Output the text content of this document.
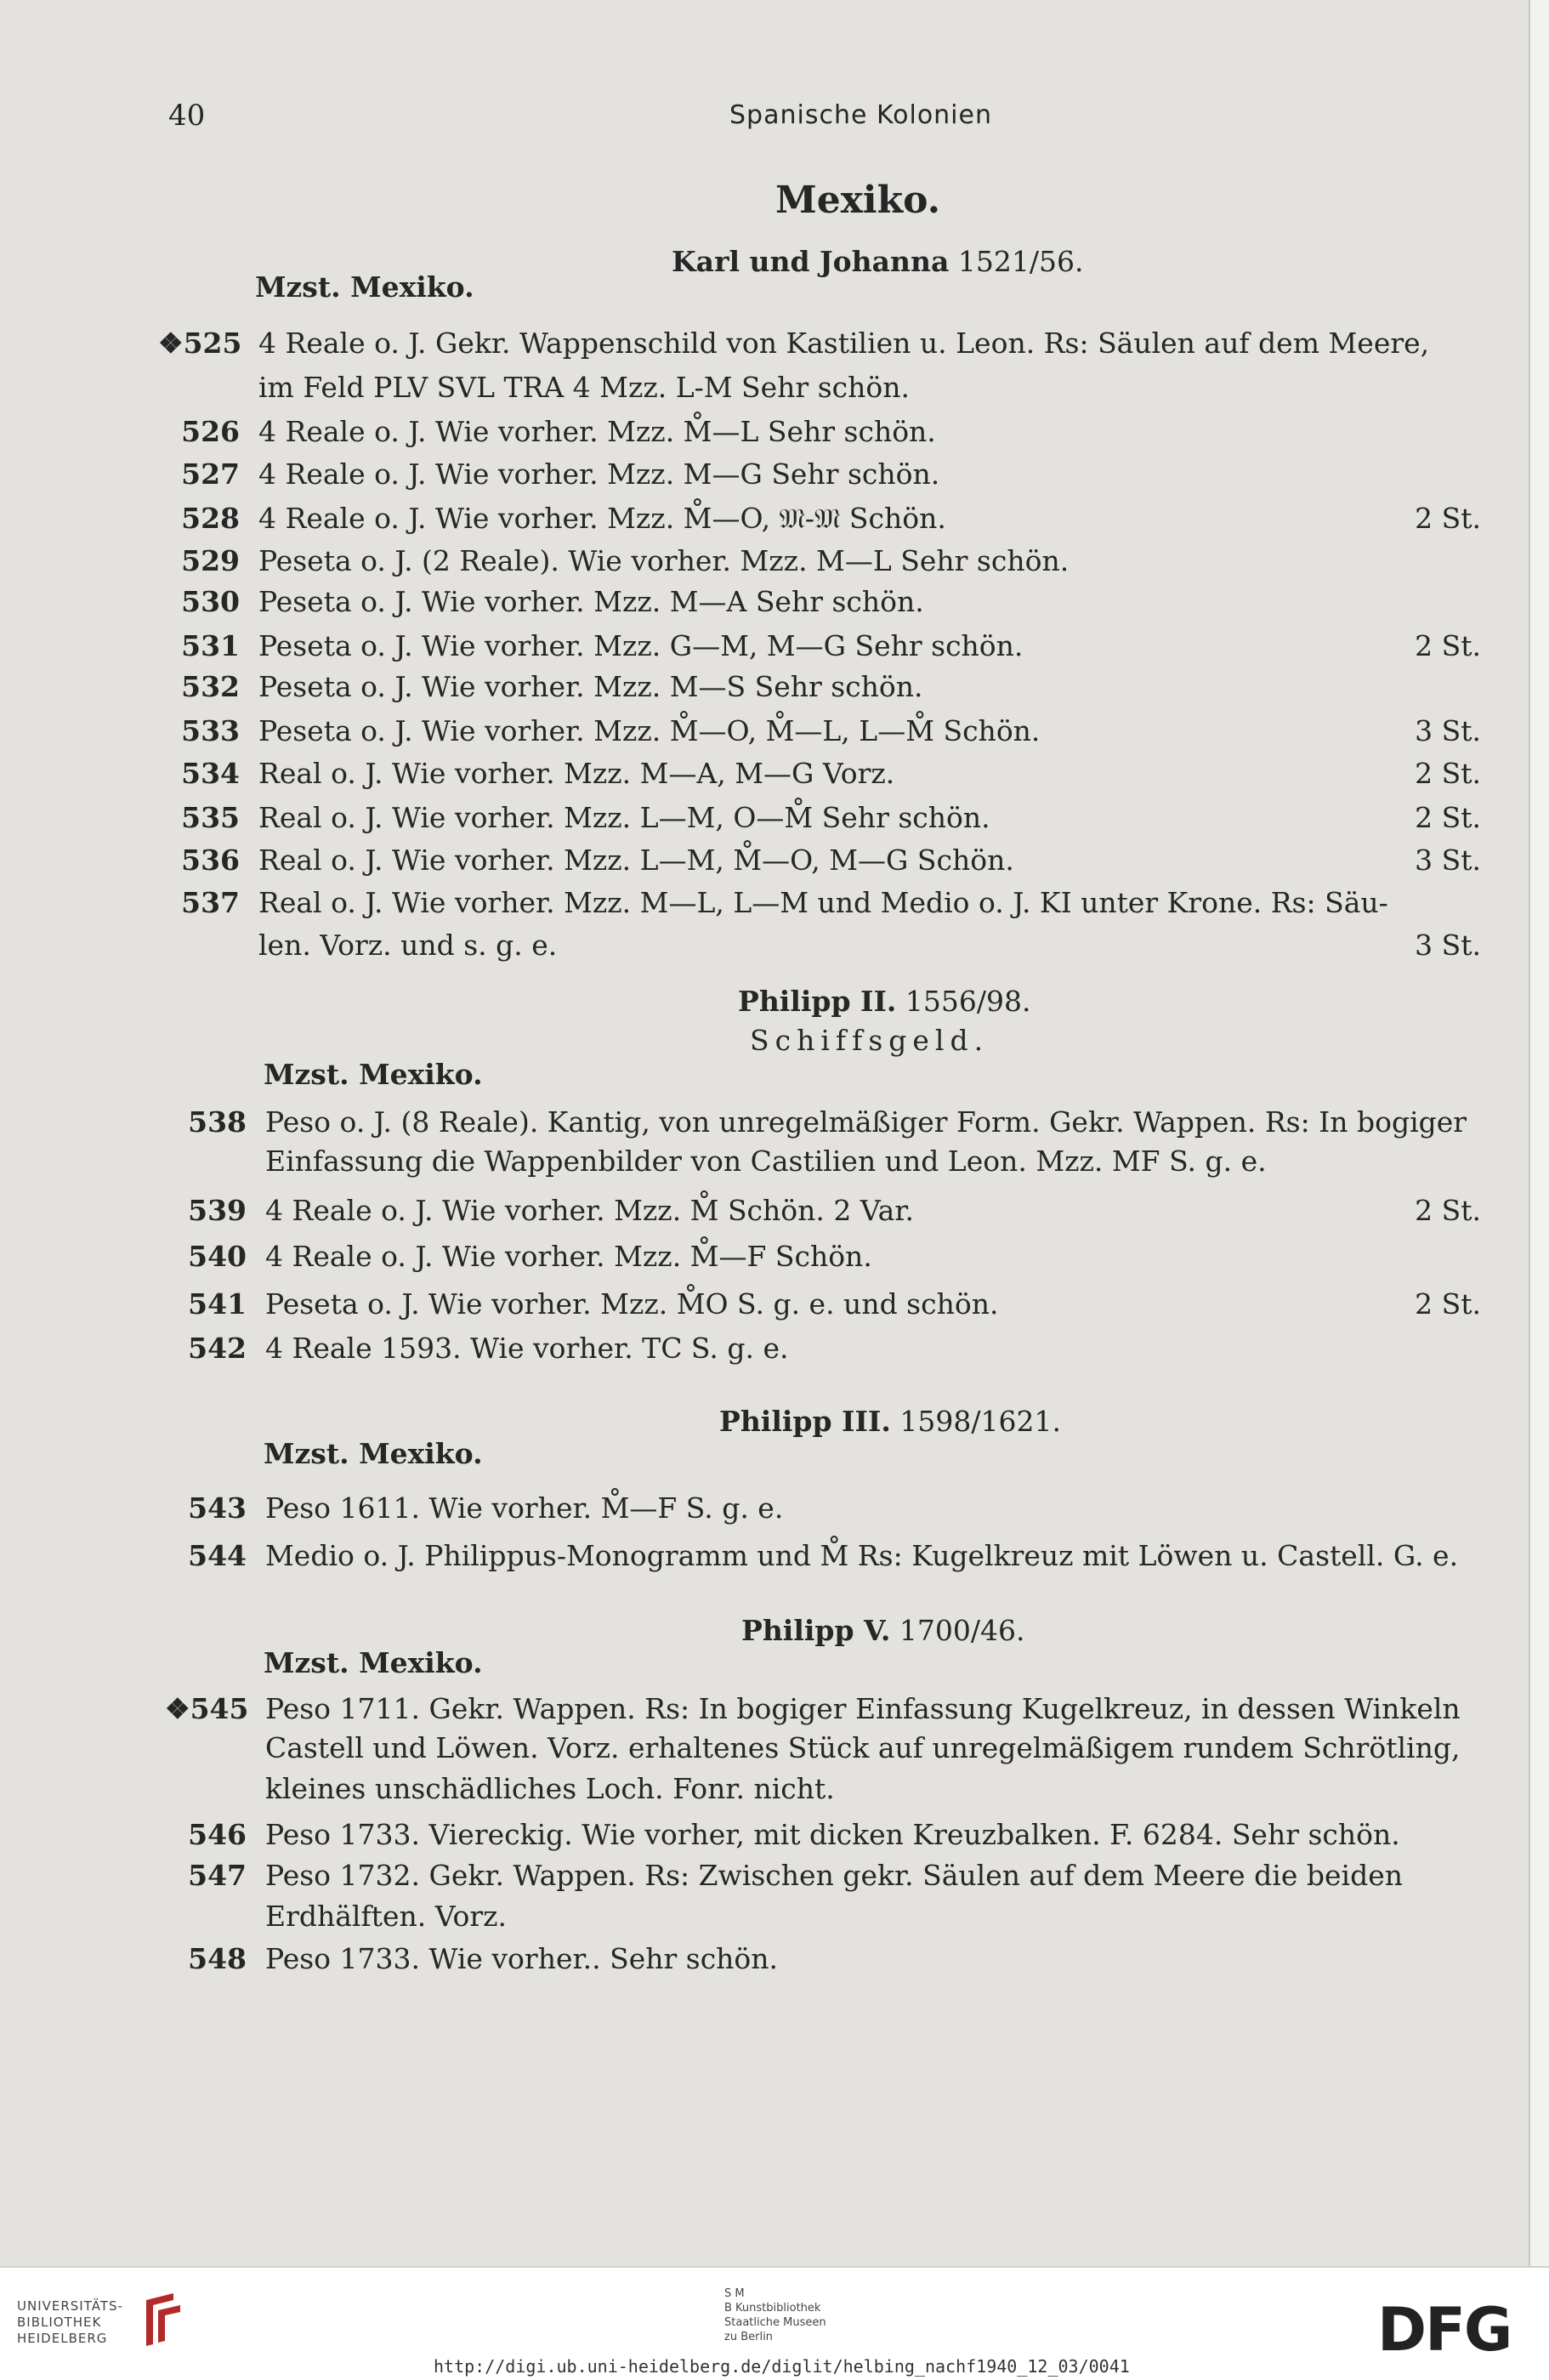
40	Spanische Kolonien
Mexiko.
Karl und Johanna 1521/56.
Mzst. Mexiko.
❖525 4 Reale o. J. Gekr. Wappenschild von Kastilien u. Leon. Rs: Säulen auf dem Meere,
im Feld PLV SVL TRA 4 Mzz. L-M Sehr schön.
526 4 Reale o. J. Wie vorher. Mzz. M̊—L Sehr schön.
527 4 Reale o. J. Wie vorher. Mzz. M—G Sehr schön.
528 4 Reale o. J. Wie vorher. Mzz. M̊—O, 𝔐-𝔐 Schön.	2 St.
529 Peseta o. J. (2 Reale). Wie vorher. Mzz. M—L Sehr schön.
530 Peseta o. J. Wie vorher. Mzz. M—A Sehr schön.
531 Peseta o. J. Wie vorher. Mzz. G—M, M—G Sehr schön.	2 St.
532 Peseta o. J. Wie vorher. Mzz. M—S Sehr schön.
533 Peseta o. J. Wie vorher. Mzz. M̊—O, M̊—L, L—M̊ Schön.	3 St.
534 Real o. J. Wie vorher. Mzz. M—A, M—G Vorz.	2 St.
535 Real o. J. Wie vorher. Mzz. L—M, O—M̊ Sehr schön.	2 St.
536 Real o. J. Wie vorher. Mzz. L—M, M̊—O, M—G Schön.	3 St.
537 Real o. J. Wie vorher. Mzz. M—L, L—M und Medio o. J. KI unter Krone. Rs: Säu-
len. Vorz. und s. g. e.	3 St.
Philipp II. 1556/98.
Schiffsgeld.
Mzst. Mexiko.
538 Peso o. J. (8 Reale). Kantig, von unregelmäßiger Form. Gekr. Wappen. Rs: In bogiger
Einfassung die Wappenbilder von Castilien und Leon. Mzz. MF S. g. e.
539 4 Reale o. J. Wie vorher. Mzz. M̊ Schön. 2 Var.	2 St.
540 4 Reale o. J. Wie vorher. Mzz. M̊—F Schön.
541 Peseta o. J. Wie vorher. Mzz. M̊O S. g. e. und schön.	2 St.
542 4 Reale 1593. Wie vorher. TC S. g. e.
Philipp III. 1598/1621.
Mzst. Mexiko.
543 Peso 1611. Wie vorher. M̊—F S. g. e.
544 Medio o. J. Philippus-Monogramm und M̊ Rs: Kugelkreuz mit Löwen u. Castell. G. e.
Philipp V. 1700/46.
Mzst. Mexiko.
❖545 Peso 1711. Gekr. Wappen. Rs: In bogiger Einfassung Kugelkreuz, in dessen Winkeln
Castell und Löwen. Vorz. erhaltenes Stück auf unregelmäßigem rundem Schrötling,
kleines unschädliches Loch. Fonr. nicht.
546 Peso 1733. Viereckig. Wie vorher, mit dicken Kreuzbalken. F. 6284. Sehr schön.
547 Peso 1732. Gekr. Wappen. Rs: Zwischen gekr. Säulen auf dem Meere die beiden
Erdhälften. Vorz.
548 Peso 1733. Wie vorher.. Sehr schön.
UNIVERSITÄTS-
BIBLIOTHEK
HEIDELBERG
S M
B Kunstbibliothek
Staatliche Museen
zu Berlin	DFG
http://digi.ub.uni-heidelberg.de/diglit/helbing_nachf1940_12_03/0041
